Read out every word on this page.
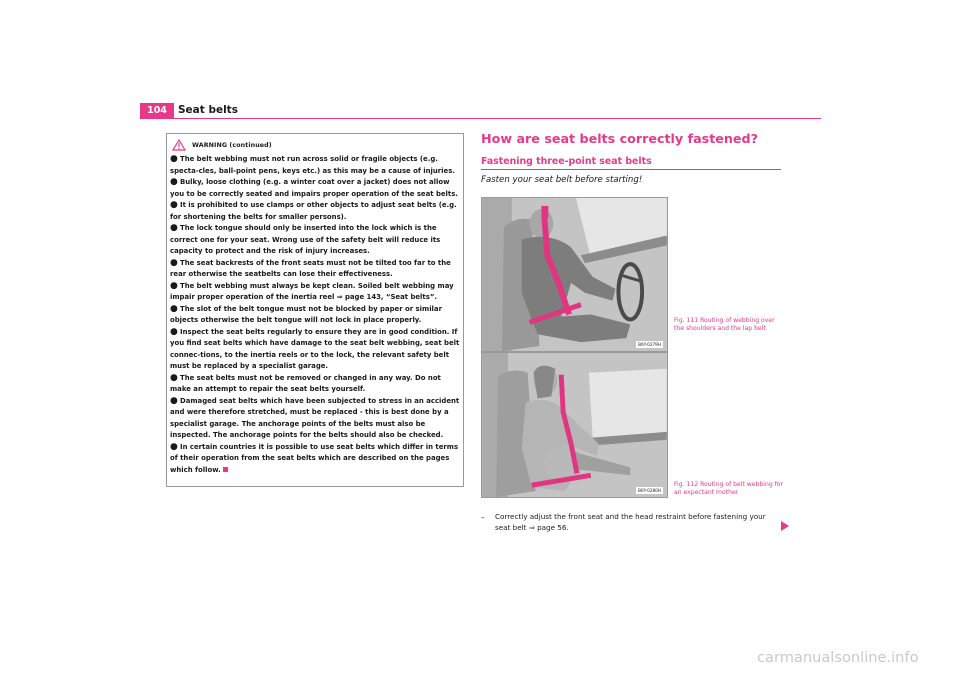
104	Seat belts
WARNING (continued)
● The belt webbing must not run across solid or fragile objects (e.g. specta-cles, ball-point pens, keys etc.) as this may be a cause of injuries.
● Bulky, loose clothing (e.g. a winter coat over a jacket) does not allow you to be correctly seated and impairs proper operation of the seat belts.
● It is prohibited to use clamps or other objects to adjust seat belts (e.g. for shortening the belts for smaller persons).
● The lock tongue should only be inserted into the lock which is the correct one for your seat. Wrong use of the safety belt will reduce its capacity to protect and the risk of injury increases.
● The seat backrests of the front seats must not be tilted too far to the rear otherwise the seatbelts can lose their effectiveness.
● The belt webbing must always be kept clean. Soiled belt webbing may impair proper operation of the inertia reel ⇒ page 143, “Seat belts”.
● The slot of the belt tongue must not be blocked by paper or similar objects otherwise the belt tongue will not lock in place properly.
● Inspect the seat belts regularly to ensure they are in good condition. If you find seat belts which have damage to the seat belt webbing, seat belt connec-tions, to the inertia reels or to the lock, the relevant safety belt must be replaced by a specialist garage.
● The seat belts must not be removed or changed in any way. Do not make an attempt to repair the seat belts yourself.
● Damaged seat belts which have been subjected to stress in an accident and were therefore stretched, must be replaced - this is best done by a specialist garage. The anchorage points of the belts must also be inspected. The anchorage points for the belts should also be checked.
● In certain countries it is possible to use seat belts which differ in terms of their operation from the seat belts which are described on the pages which follow.
How are seat belts correctly fastened?
Fastening three-point seat belts
Fasten your seat belt before starting!
B6Y-0279H
Fig. 111 Routing of webbing over the shoulders and the lap belt
B6Y-0280H
Fig. 112 Routing of belt webbing for an expectant mother
–	Correctly adjust the front seat and the head restraint before fastening your seat belt ⇒ page 56.
carmanualsonline.info
